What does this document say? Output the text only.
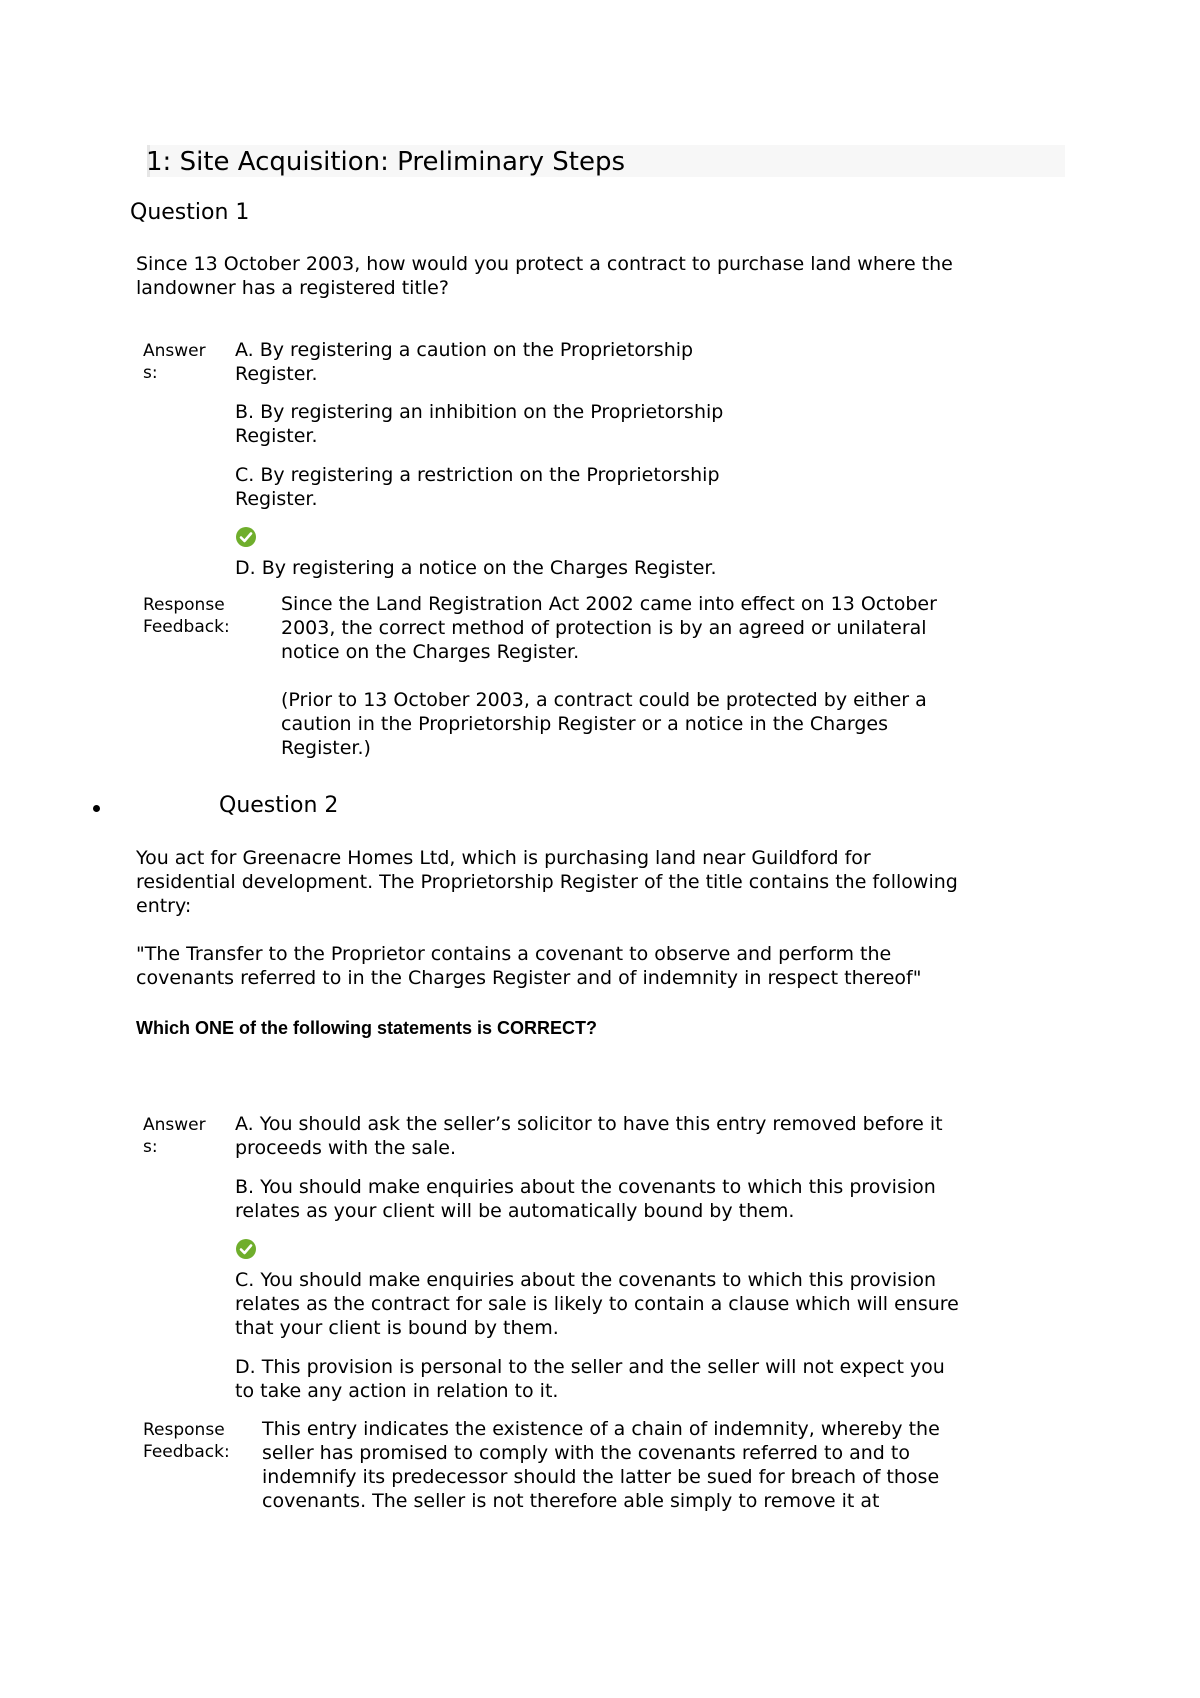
1: Site Acquisition: Preliminary Steps
Question 1
Since 13 October 2003, how would you protect a contract to purchase land where the
landowner has a registered title?
Answer
s:
A. By registering a caution on the Proprietorship
Register.
B. By registering an inhibition on the Proprietorship
Register.
C. By registering a restriction on the Proprietorship
Register.
D. By registering a notice on the Charges Register.
Response
Feedback:
Since the Land Registration Act 2002 came into effect on 13 October
2003, the correct method of protection is by an agreed or unilateral
notice on the Charges Register.
(Prior to 13 October 2003, a contract could be protected by either a
caution in the Proprietorship Register or a notice in the Charges
Register.)
Question 2
You act for Greenacre Homes Ltd, which is purchasing land near Guildford for
residential development. The Proprietorship Register of the title contains the following
entry:
"The Transfer to the Proprietor contains a covenant to observe and perform the
covenants referred to in the Charges Register and of indemnity in respect thereof"
Which ONE of the following statements is CORRECT?
Answer
s:
A. You should ask the seller’s solicitor to have this entry removed before it
proceeds with the sale.
B. You should make enquiries about the covenants to which this provision
relates as your client will be automatically bound by them.
C. You should make enquiries about the covenants to which this provision
relates as the contract for sale is likely to contain a clause which will ensure
that your client is bound by them.
D. This provision is personal to the seller and the seller will not expect you
to take any action in relation to it.
Response
Feedback:
This entry indicates the existence of a chain of indemnity, whereby the
seller has promised to comply with the covenants referred to and to
indemnify its predecessor should the latter be sued for breach of those
covenants. The seller is not therefore able simply to remove it at
